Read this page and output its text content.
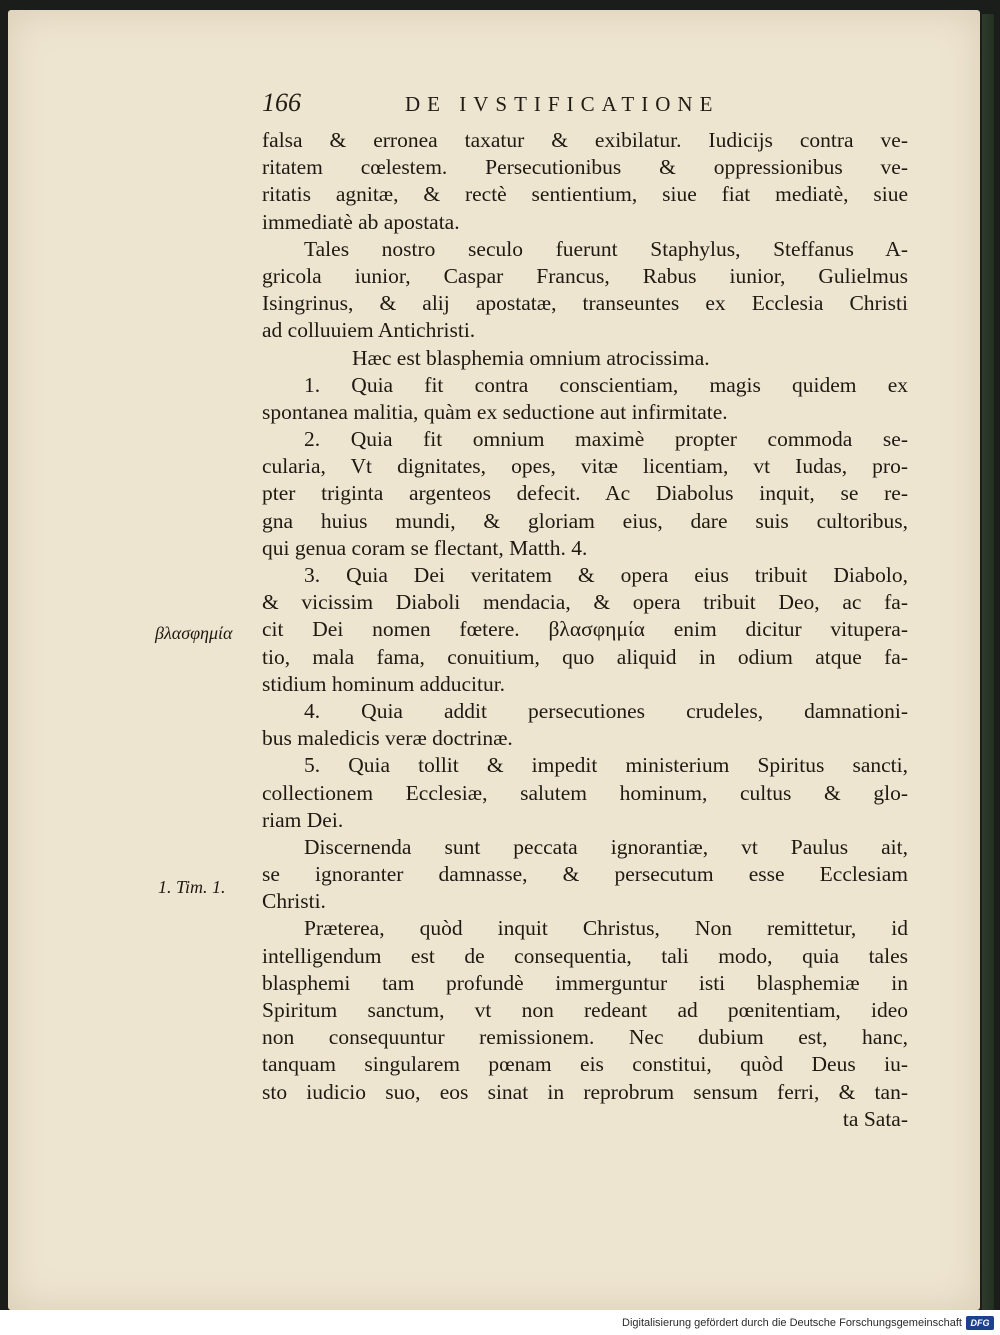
166	DE IVSTIFICATIONE
falsa & erronea taxatur & exibilatur. Iudicijs contra ve-
ritatem cœlestem. Persecutionibus & oppressionibus ve-
ritatis agnitæ, & rectè sentientium, siue fiat mediatè, siue
immediatè ab apostata.
Tales nostro seculo fuerunt Staphylus, Steffanus A-
gricola iunior, Caspar Francus, Rabus iunior, Gulielmus
Isingrinus, & alij apostatæ, transeuntes ex Ecclesia Christi
ad colluuiem Antichristi.
Hæc est blasphemia omnium atrocissima.
1. Quia fit contra conscientiam, magis quidem ex
spontanea malitia, quàm ex seductione aut infirmitate.
2. Quia fit omnium maximè propter commoda se-
cularia, Vt dignitates, opes, vitæ licentiam, vt Iudas, pro-
pter triginta argenteos defecit. Ac Diabolus inquit, se re-
gna huius mundi, & gloriam eius, dare suis cultoribus,
qui genua coram se flectant, Matth. 4.
3. Quia Dei veritatem & opera eius tribuit Diabolo,
& vicissim Diaboli mendacia, & opera tribuit Deo, ac fa-
cit Dei nomen fœtere. βλασφημία enim dicitur vitupera-
tio, mala fama, conuitium, quo aliquid in odium atque fa-
stidium hominum adducitur.
4. Quia addit persecutiones crudeles, damnationi-
bus maledicis veræ doctrinæ.
5. Quia tollit & impedit ministerium Spiritus sancti,
collectionem Ecclesiæ, salutem hominum, cultus & glo-
riam Dei.
Discernenda sunt peccata ignorantiæ, vt Paulus ait,
se ignoranter damnasse, & persecutum esse Ecclesiam
Christi.
Præterea, quòd inquit Christus, Non remittetur, id
intelligendum est de consequentia, tali modo, quia tales
blasphemi tam profundè immerguntur isti blasphemiæ in
Spiritum sanctum, vt non redeant ad pœnitentiam, ideo
non consequuntur remissionem. Nec dubium est, hanc,
tanquam singularem pœnam eis constitui, quòd Deus iu-
sto iudicio suo, eos sinat in reprobrum sensum ferri, & tan-
ta Sata-
βλασφημία
1. Tim. 1.
Digitalisierung gefördert durch die Deutsche Forschungsgemeinschaft DFG
